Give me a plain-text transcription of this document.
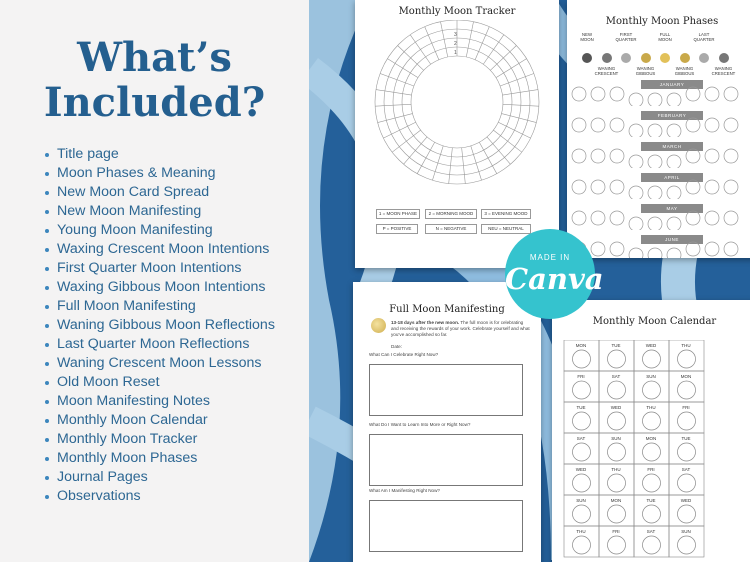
What’s
Included?
Title page
Moon Phases & Meaning
New Moon Card Spread
New Moon Manifesting
Young Moon Manifesting
Waxing Crescent Moon Intentions
First Quarter Moon Intentions
Waxing Gibbous Moon Intentions
Full Moon Manifesting
Waning Gibbous Moon Reflections
Last Quarter Moon Reflections
Waning Crescent Moon Lessons
Old Moon Reset
Moon Manifesting Notes
Monthly Moon Calendar
Monthly Moon Tracker
Monthly Moon Phases
Journal Pages
Observations
Monthly Moon Tracker
1
2
3
1 = MOON PHASE	2 = MORNING MOOD	3 = EVENING MOOD
P = POSITIVE	N = NEGATIVE	NEU = NEUTRAL
Monthly Moon Phases
NEW MOON
WANING CRESCENT
FIRST QUARTER
WANING GIBBOUS
FULL MOON
WANING GIBBOUS
LAST QUARTER
WANING CRESCENT
JANUARY
FEBRUARY
MARCH
APRIL
MAY
JUNE
Full Moon Manifesting
13-18 days after the new moon. The full moon is for celebrating and receiving the rewards of your work. Celebrate yourself and what you’ve accomplished so far.
Date:
What Can I Celebrate Right Now?
What Do I Want to Learn Into More or Right Now?
What Am I Manifesting Right Now?
Monthly Moon Calendar
MON	TUE	WED	THU
FRI	SAT	SUN	MON
TUE	WED	THU	FRI
SAT	SUN	MON	TUE
WED	THU	FRI	SAT
SUN	MON	TUE	WED
THU	FRI	SAT	SUN
MADE IN
Canva
